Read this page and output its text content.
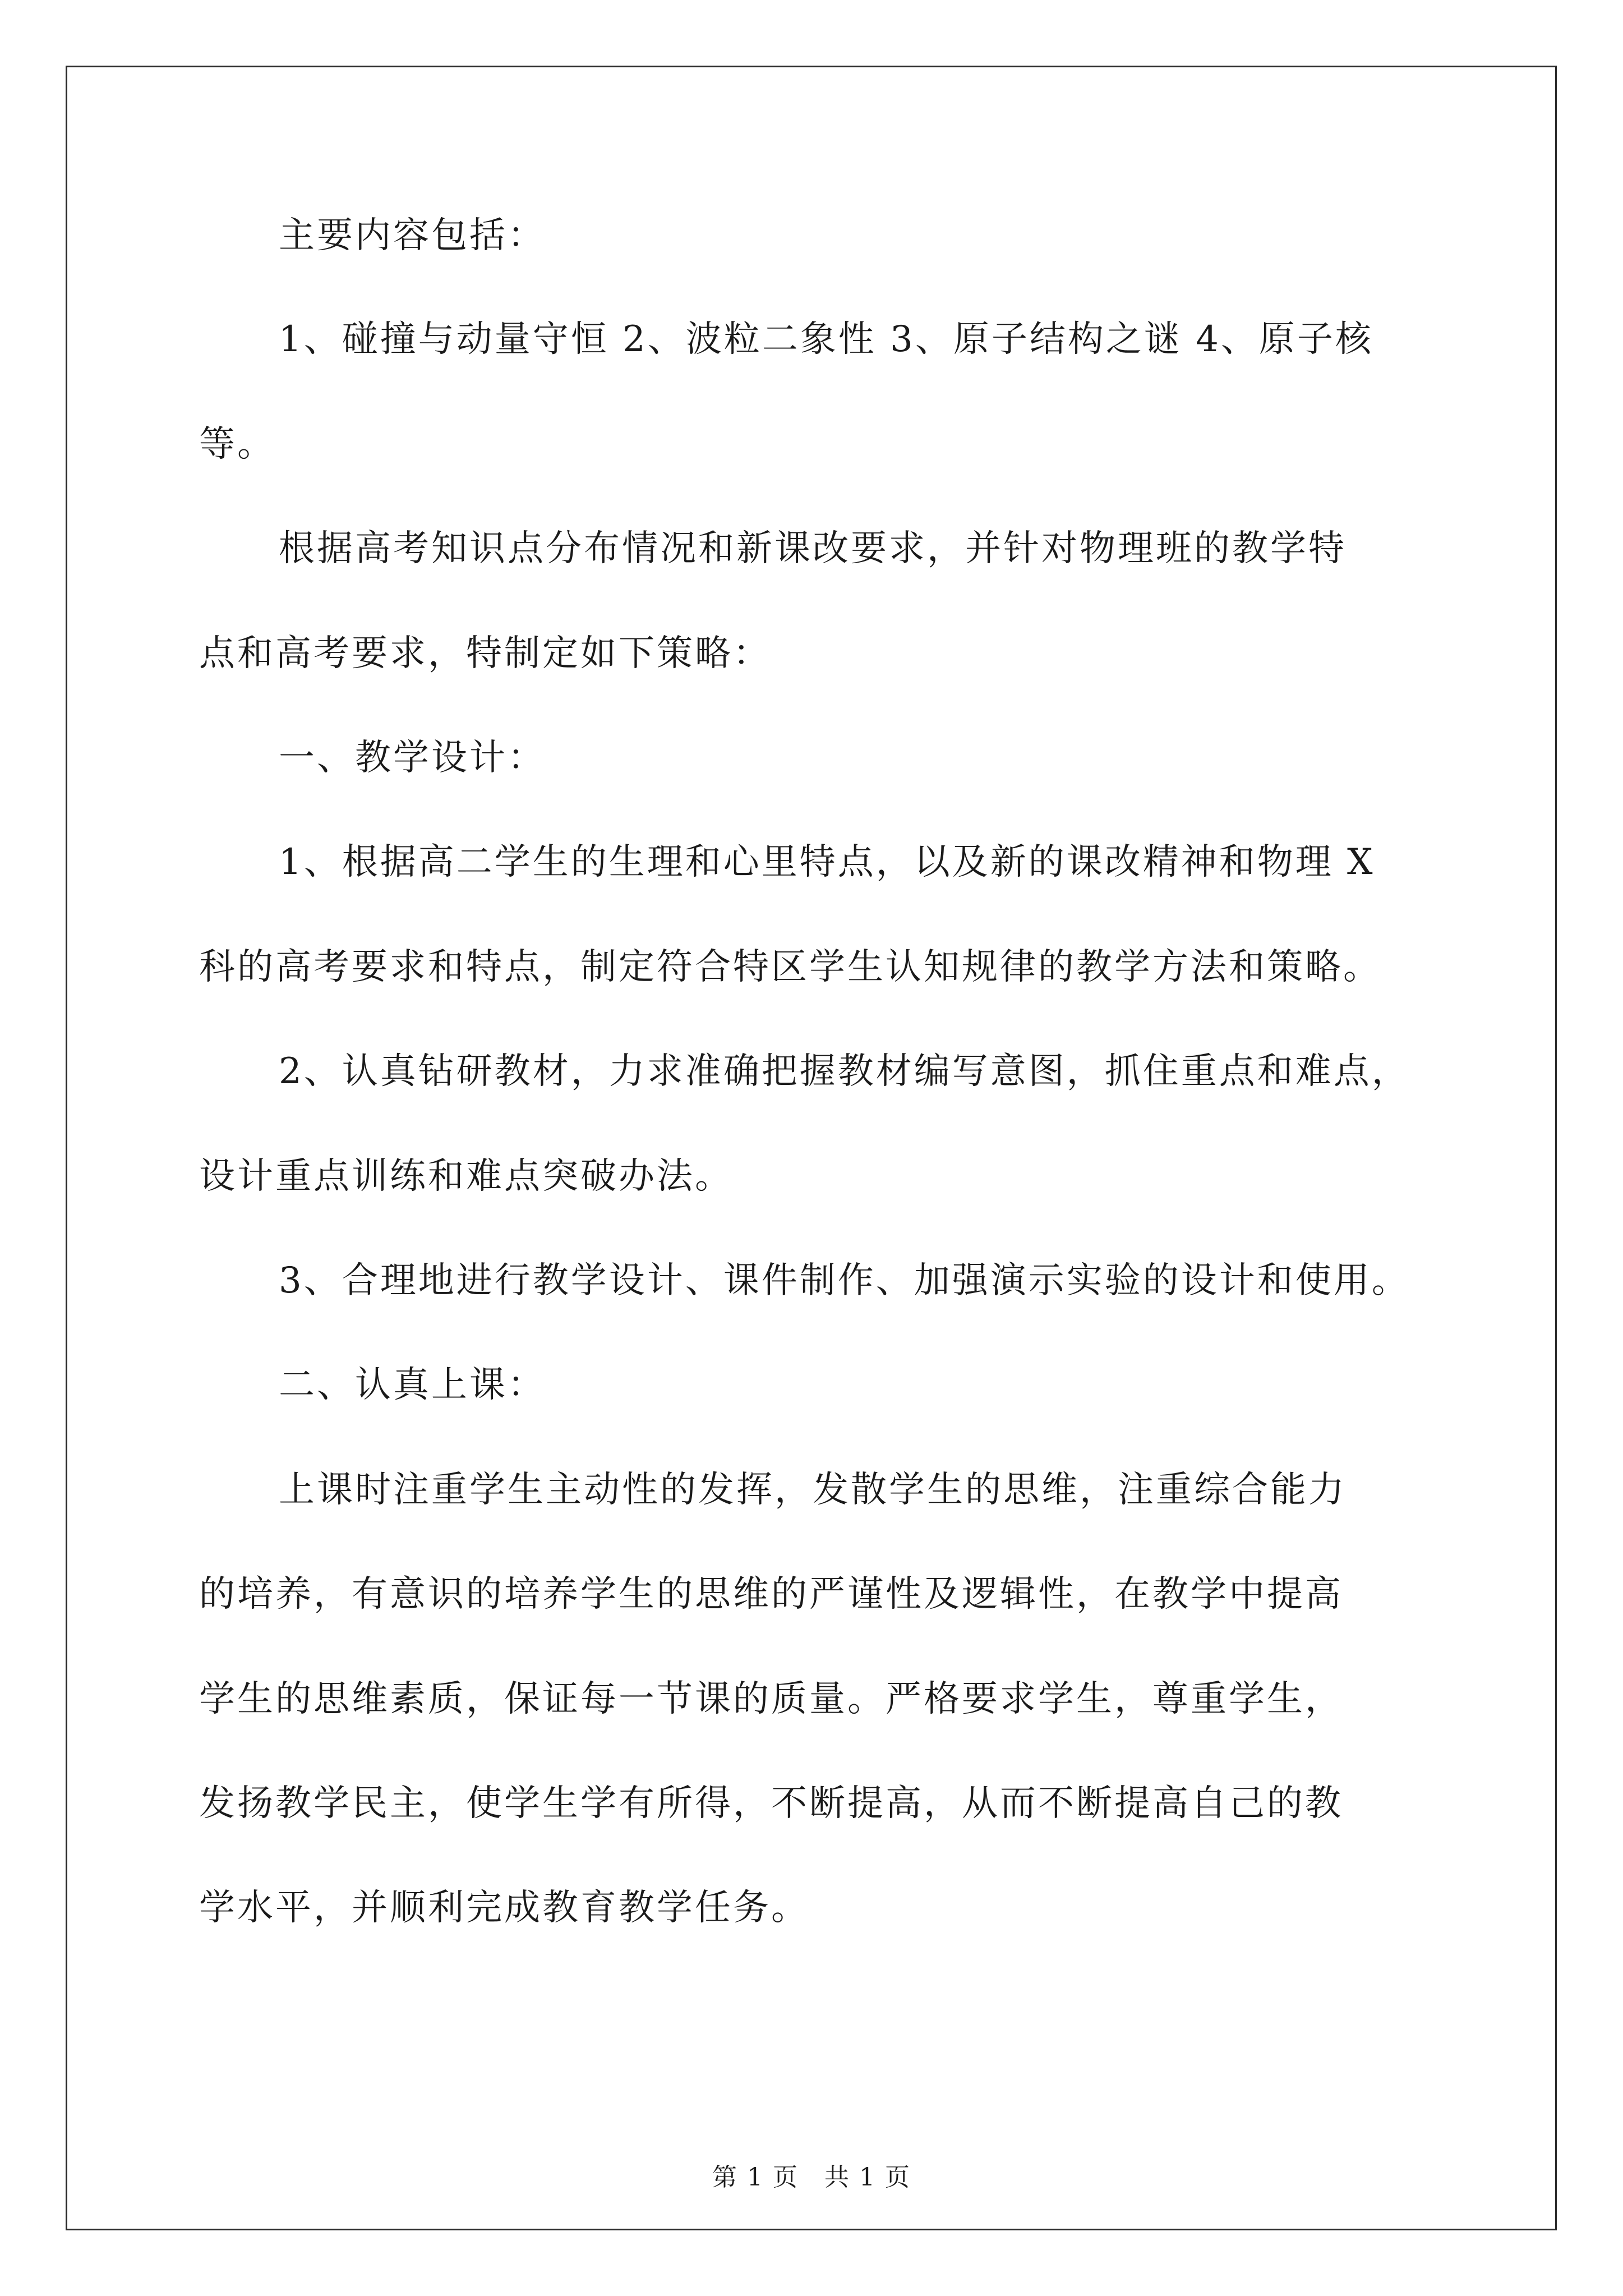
主要内容包括：
1、碰撞与动量守恒 2、波粒二象性 3、原子结构之谜 4、原子核
等。
根据高考知识点分布情况和新课改要求，并针对物理班的教学特
点和高考要求，特制定如下策略：
一、教学设计：
1、根据高二学生的生理和心里特点，以及新的课改精神和物理 X
科的高考要求和特点，制定符合特区学生认知规律的教学方法和策略。
2、认真钻研教材，力求准确把握教材编写意图，抓住重点和难点，
设计重点训练和难点突破办法。
3、合理地进行教学设计、课件制作、加强演示实验的设计和使用。
二、认真上课：
上课时注重学生主动性的发挥，发散学生的思维，注重综合能力
的培养，有意识的培养学生的思维的严谨性及逻辑性，在教学中提高
学生的思维素质，保证每一节课的质量。严格要求学生，尊重学生，
发扬教学民主，使学生学有所得，不断提高，从而不断提高自己的教
学水平，并顺利完成教育教学任务。
第 1 页　共 1 页
